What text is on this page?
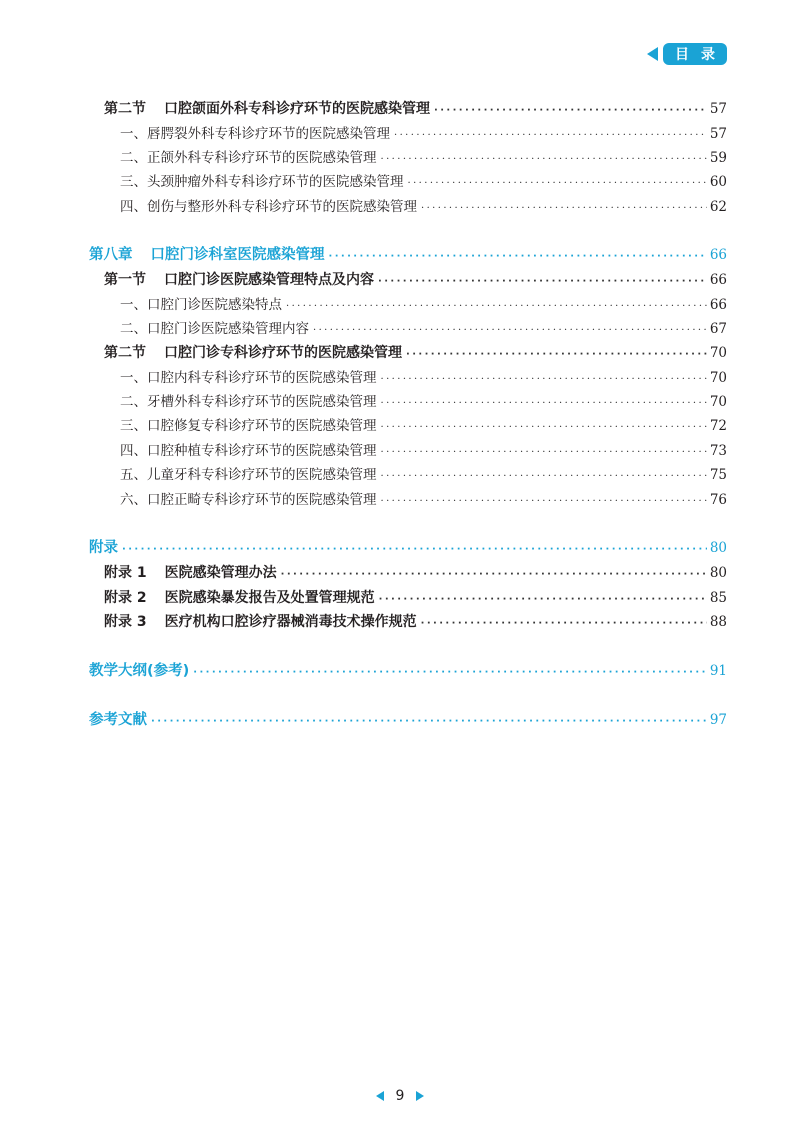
目 录
第二节 口腔颌面外科专科诊疗环节的医院感染管理 ·····	57
一、唇腭裂外科专科诊疗环节的医院感染管理 ·····	57
二、正颌外科专科诊疗环节的医院感染管理 ·····	59
三、头颈肿瘤外科专科诊疗环节的医院感染管理 ·····	60
四、创伤与整形外科专科诊疗环节的医院感染管理 ·····	62
第八章 口腔门诊科室医院感染管理 ·····	66
第一节 口腔门诊医院感染管理特点及内容 ·····	66
一、口腔门诊医院感染特点 ·····	66
二、口腔门诊医院感染管理内容 ·····	67
第二节 口腔门诊专科诊疗环节的医院感染管理 ·····	70
一、口腔内科专科诊疗环节的医院感染管理 ·····	70
二、牙槽外科专科诊疗环节的医院感染管理 ·····	70
三、口腔修复专科诊疗环节的医院感染管理 ·····	72
四、口腔种植专科诊疗环节的医院感染管理 ·····	73
五、儿童牙科专科诊疗环节的医院感染管理 ·····	75
六、口腔正畸专科诊疗环节的医院感染管理 ·····	76
附录 ·····	80
附录 1 医院感染管理办法 ·····	80
附录 2 医院感染暴发报告及处置管理规范 ·····	85
附录 3 医疗机构口腔诊疗器械消毒技术操作规范 ·····	88
教学大纲(参考) ·····	91
参考文献 ·····	97
9
